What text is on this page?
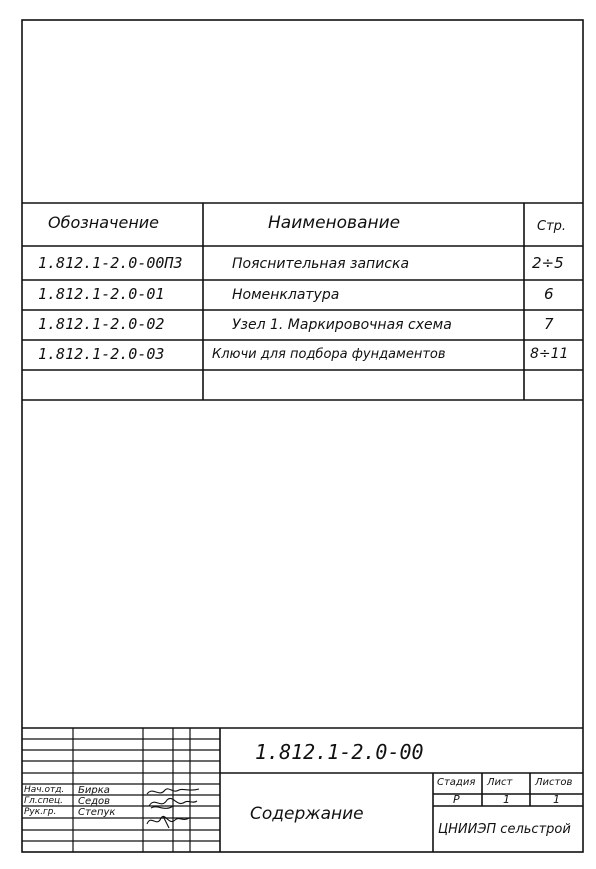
Обозначение	Наименование	Стр.
1.812.1-2.0-00ПЗ	Пояснительная записка	2÷5
1.812.1-2.0-01	Номенклатура	6
1.812.1-2.0-02	Узел 1. Маркировочная схема	7
1.812.1-2.0-03	Ключи для подбора фундаментов	8÷11
1.812.1-2.0-00
Содержание
Стадия Лист Листов
Р	1	1
ЦНИИЭП сельстрой
Нач.отд. Бирка
Гл.спец. Седов
Рук.гр. Степук
